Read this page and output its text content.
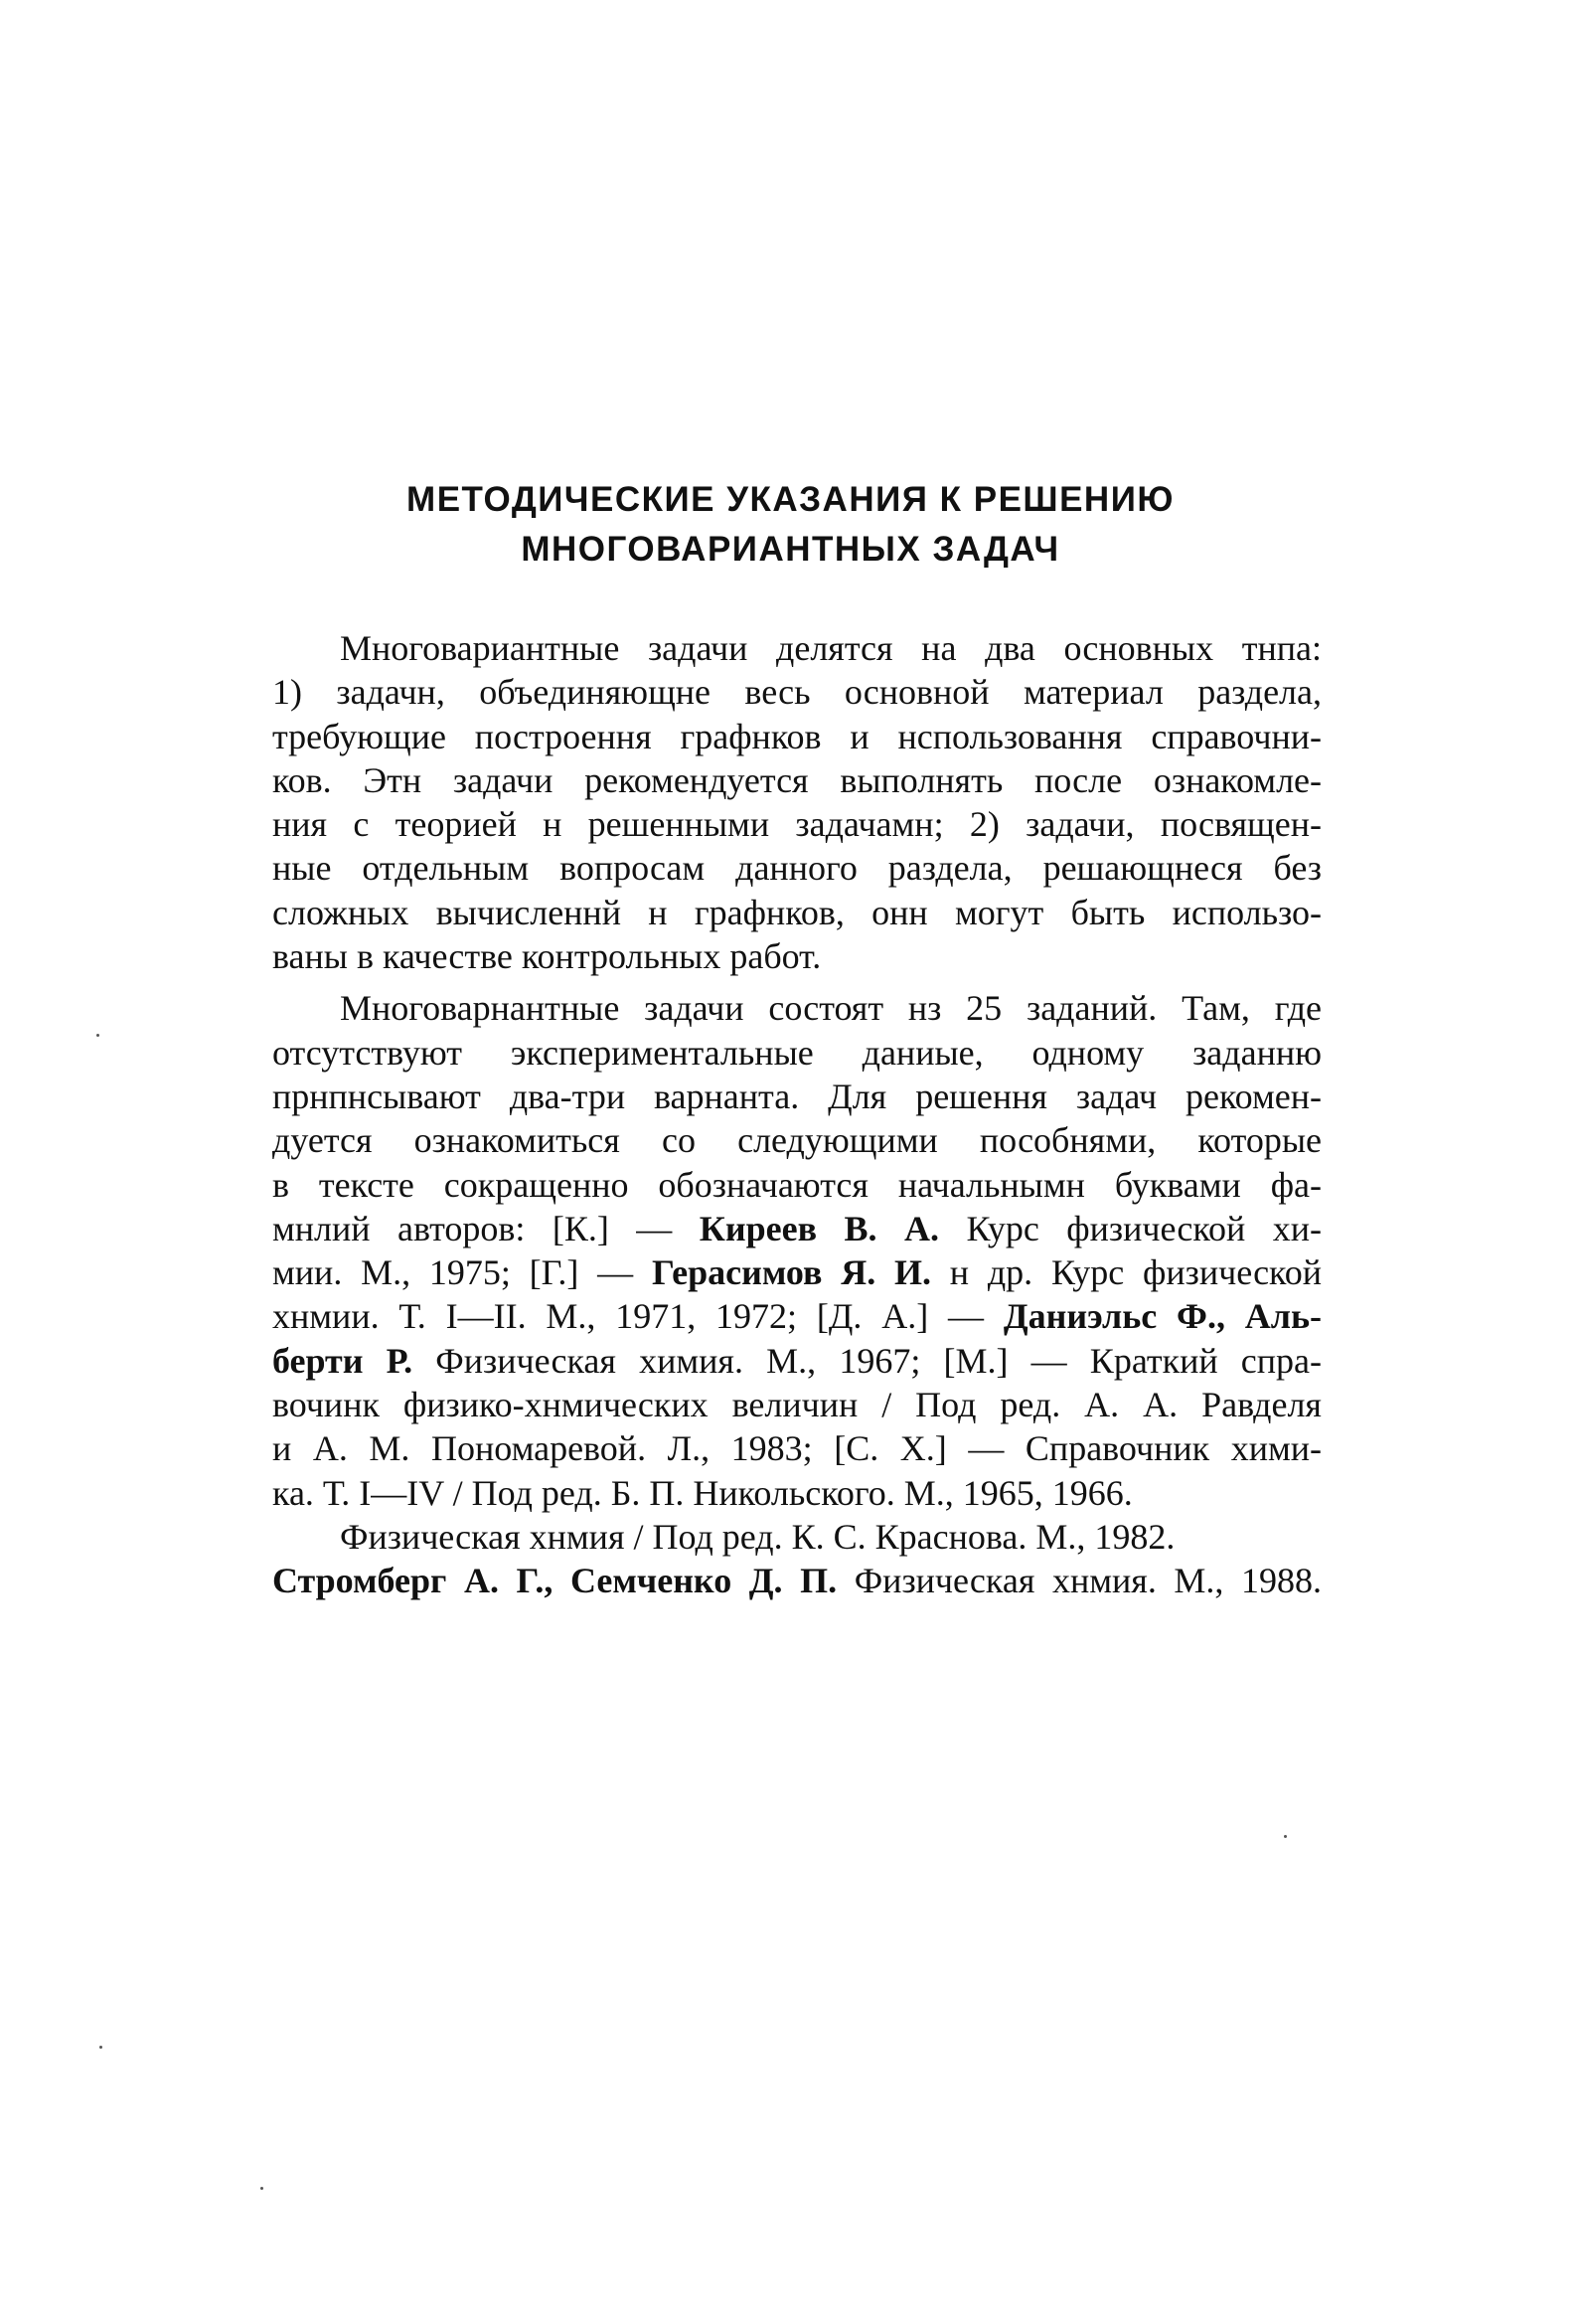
МЕТОДИЧЕСКИЕ УКАЗАНИЯ К РЕШЕНИЮ
МНОГОВАРИАНТНЫХ ЗАДАЧ

Многовариантные задачи делятся на два основных тнпа:
1) задачн, объединяющне весь основной материал раздела,
требующие построення графнков и нспользовання справочни-
ков. Этн задачи рекомендуется выполнять после ознакомле-
ния с теорией н решенными задачамн; 2) задачи, посвящен-
ные отдельным вопросам данного раздела, решающнеся без
сложных вычисленнй н графнков, онн могут быть использо-
ваны в качестве контрольных работ.

Многоварнантные задачи состоят нз 25 заданий. Там, где
отсутствуют экспериментальные даниые, одному заданню
прнпнсывают два-три варнанта. Для решення задач рекомен-
дуется ознакомиться со следующими пособнями, которые
в тексте сокращенно обозначаются начальнымн буквами фа-
мнлий авторов: [К.] — Киреев В. А. Курс физической хи-
мии. М., 1975; [Г.] — Герасимов Я. И. н др. Курс физической
хнмии. Т. I—II. М., 1971, 1972; [Д. А.] — Даниэльс Ф., Аль-
берти Р. Физическая химия. М., 1967; [М.] — Краткий спра-
вочинк физико-хнмических величин / Под ред. А. А. Равделя
и А. М. Пономаревой. Л., 1983; [С. Х.] — Справочник хими-
ка. Т. I—IV / Под ред. Б. П. Никольского. М., 1965, 1966.

Физическая хнмия / Под ред. К. С. Краснова. М., 1982.

Стромберг А. Г., Семченко Д. П. Физическая хнмия. М., 1988.
